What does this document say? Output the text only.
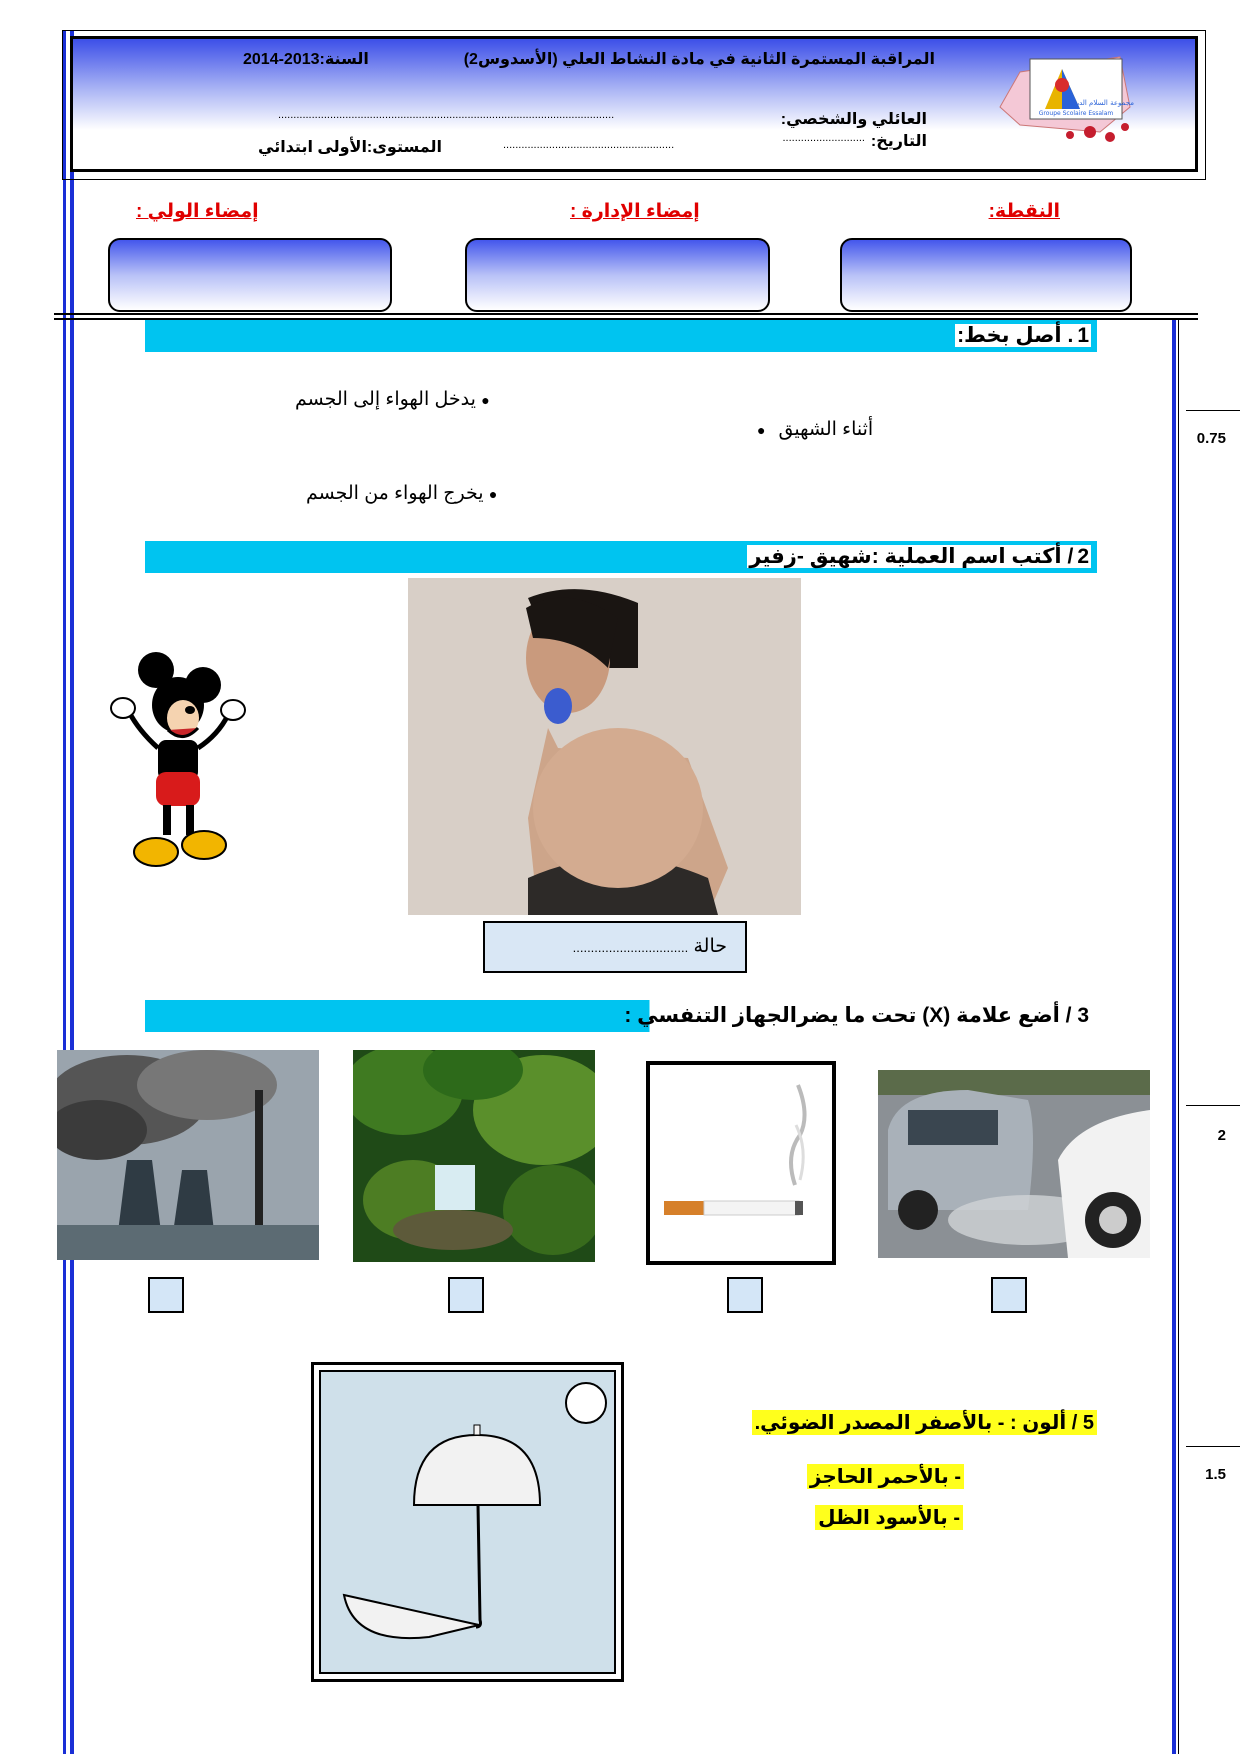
المراقبة المستمرة الثانية في مادة النشاط العلي (الأسدوس2)
السنة:2013-2014
العائلي والشخصي:
..............................................................................................................
التاريخ:
...........................
المستوى:الأولى ابتدائي	........................................................
مجموعة السلام الدراسية
Groupe Scolaire Essalam
النقطة:
إمضاء الإدارة :
إمضاء الولي :
0.75
2
1.5
1. أصل بخط:
● يدخل الهواء إلى الجسم
أثناء الشهيق   ●
● يخرج الهواء من الجسم
2/ أكتب اسم العملية :شهيق -زفير
حالة ................................
3 / أضع علامة (X) تحت ما يضرالجهاز التنفسي :
5 / ألون : - بالأصفر المصدر الضوئي.
- بالأحمر الحاجز
- بالأسود الظل
